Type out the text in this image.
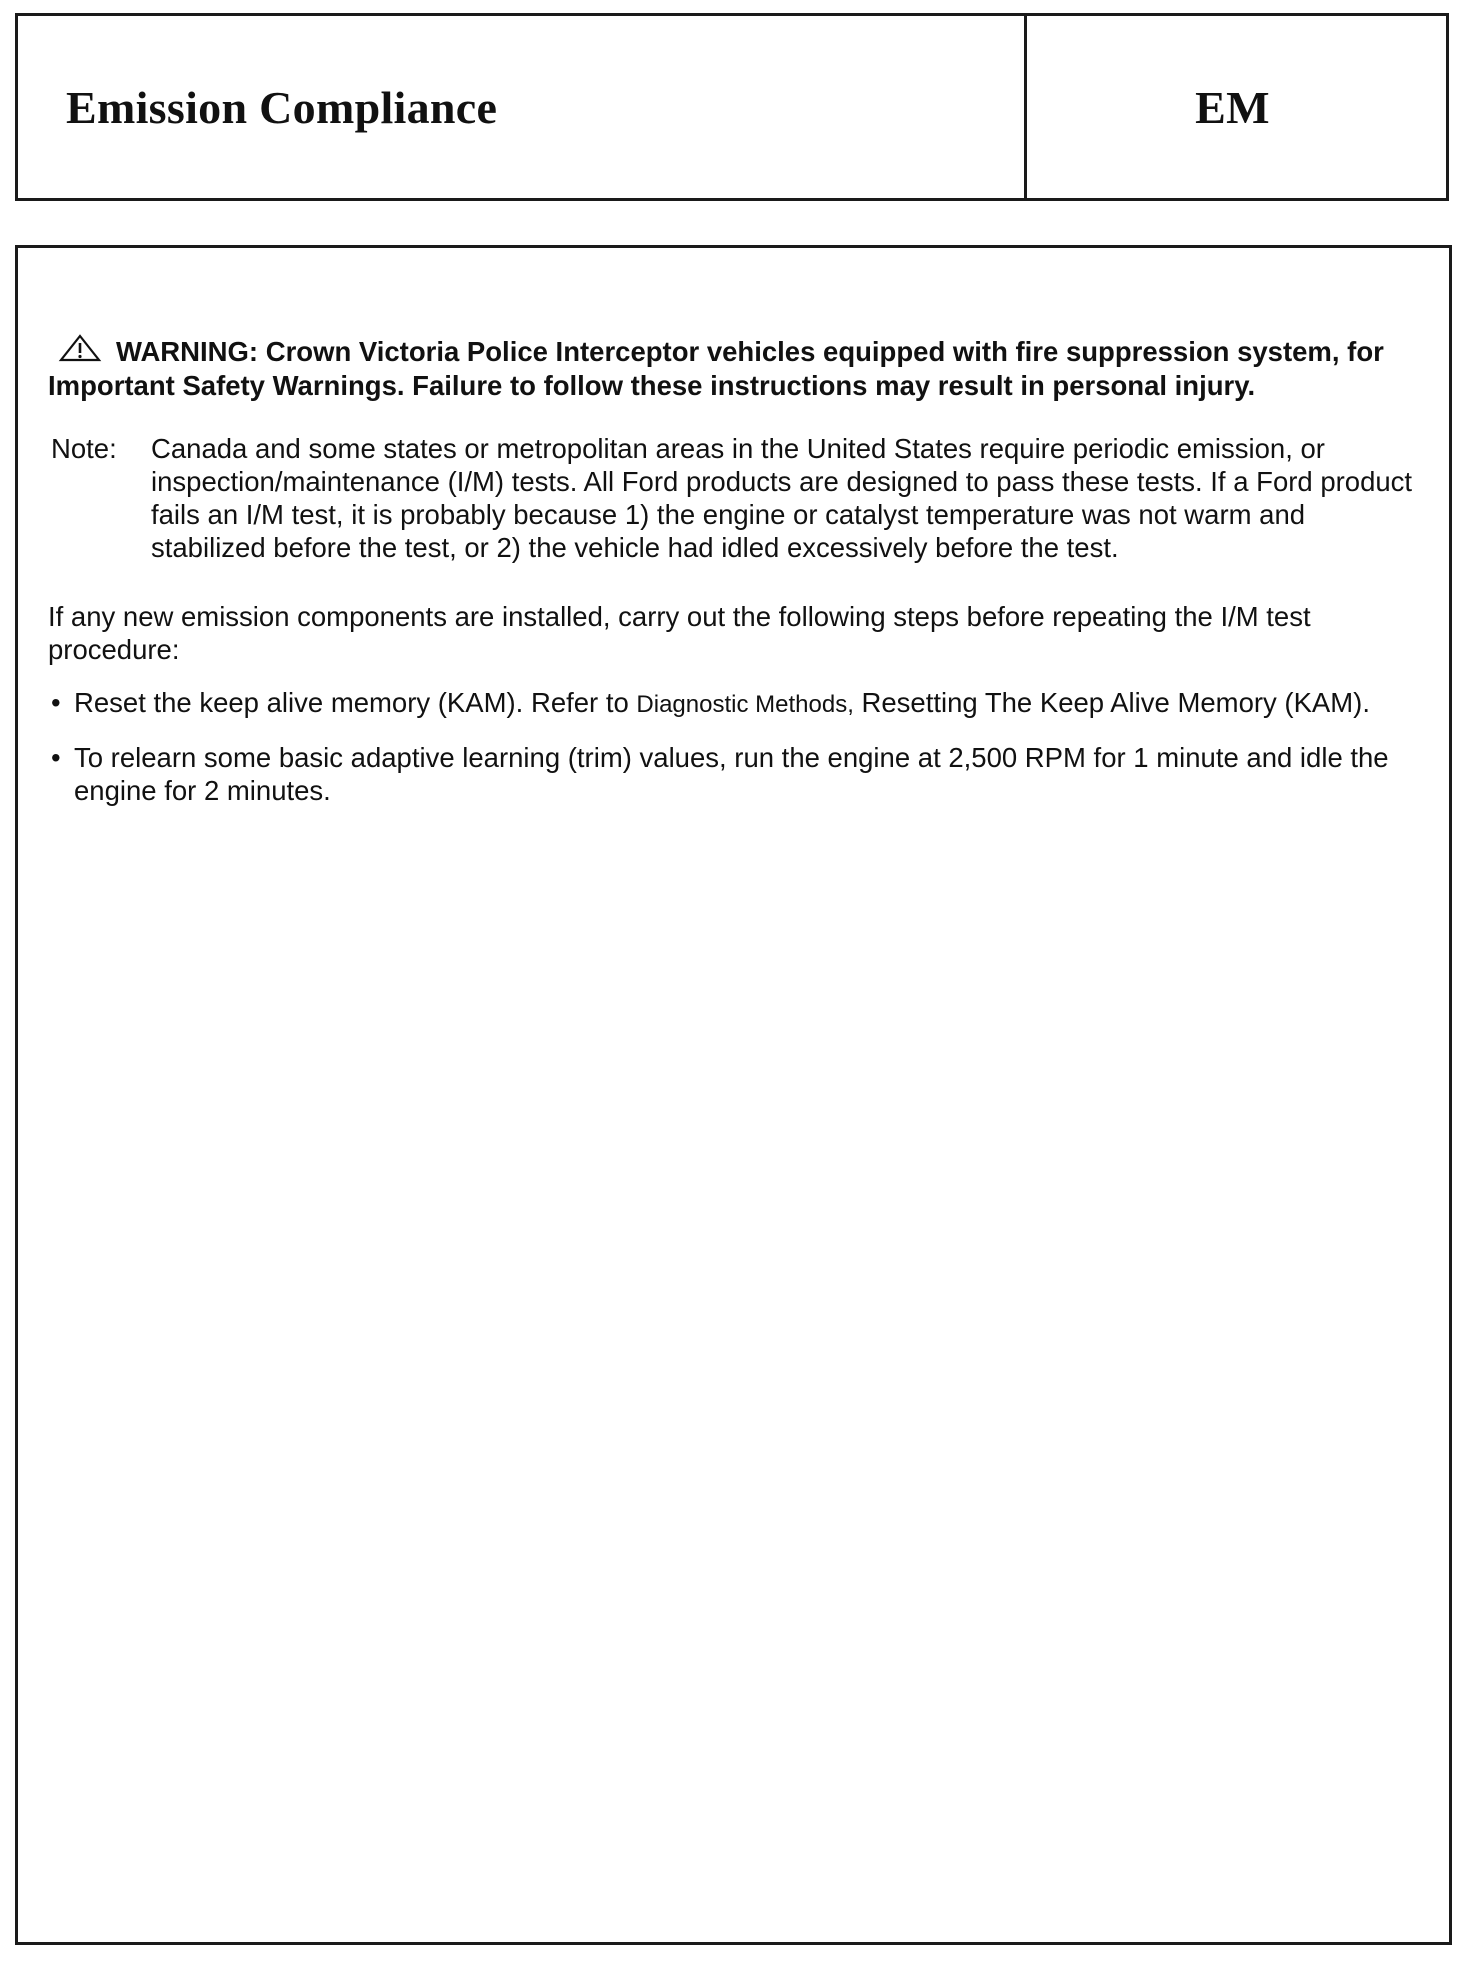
Emission Compliance	EM

WARNING: Crown Victoria Police Interceptor vehicles equipped with fire suppression system, for Important Safety Warnings. Failure to follow these instructions may result in personal injury.

Note:	Canada and some states or metropolitan areas in the United States require periodic emission, or inspection/maintenance (I/M) tests. All Ford products are designed to pass these tests. If a Ford product fails an I/M test, it is probably because 1) the engine or catalyst temperature was not warm and stabilized before the test, or 2) the vehicle had idled excessively before the test.

If any new emission components are installed, carry out the following steps before repeating the I/M test procedure:

• Reset the keep alive memory (KAM). Refer to Diagnostic Methods, Resetting The Keep Alive Memory (KAM).
• To relearn some basic adaptive learning (trim) values, run the engine at 2,500 RPM for 1 minute and idle the engine for 2 minutes.
